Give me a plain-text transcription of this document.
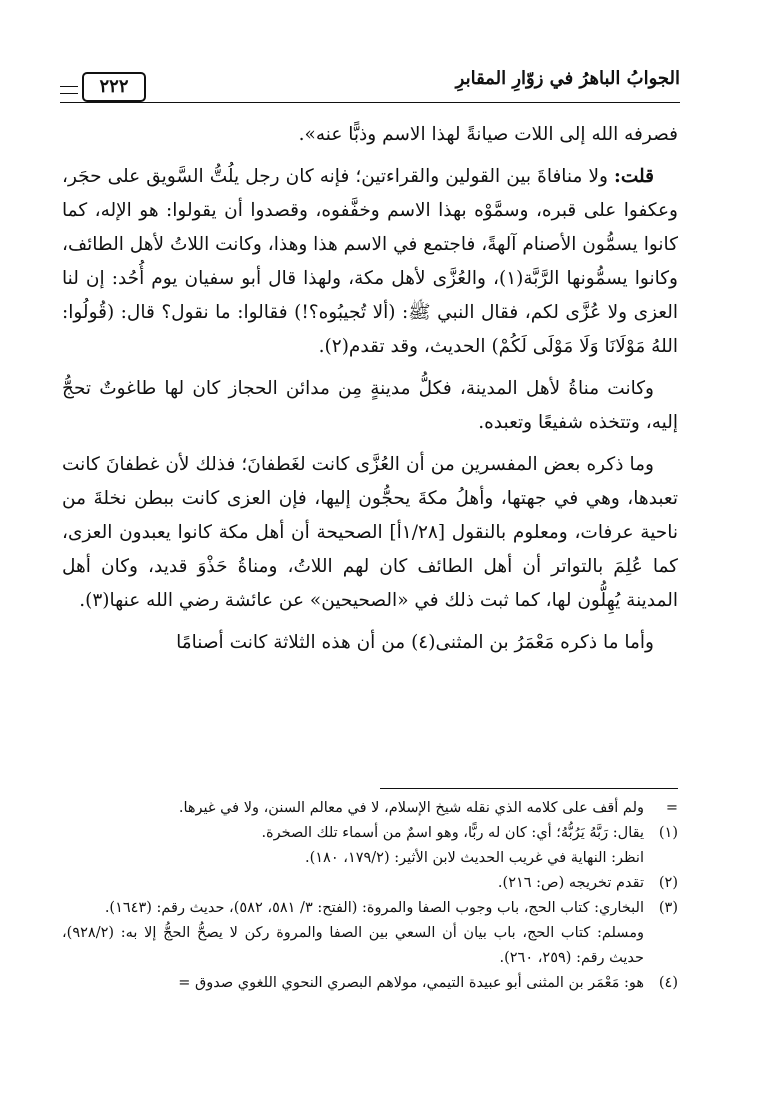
الجوابُ الباهرُ في زوّارِ المقابرِ
٢٢٢

فصرفه الله إلى اللات صيانةً لهذا الاسم وذبًّا عنه».

قلت: ولا منافاةَ بين القولين والقراءتين؛ فإنه كان رجل يلُتُّ السَّويق على حجَر، وعكفوا على قبره، وسمَّوْه بهذا الاسم وخفَّفوه، وقصدوا أن يقولوا: هو الإله، كما كانوا يسمُّون الأصنام آلهةً، فاجتمع في الاسم هذا وهذا، وكانت اللاتُ لأهل الطائف، وكانوا يسمُّونها الرَّبَّة(١)، والعُزَّى لأهل مكة، ولهذا قال أبو سفيان يوم أُحُد: إن لنا العزى ولا عُزَّى لكم، فقال النبي ﷺ: (ألا تُجيبُوه؟!) فقالوا: ما نقول؟ قال: (قُولُوا: اللهُ مَوْلَانَا وَلَا مَوْلَى لَكُمْ) الحديث، وقد تقدم(٢).

وكانت مناةُ لأهل المدينة، فكلُّ مدينةٍ مِن مدائن الحجاز كان لها طاغوتٌ تحجُّ إليه، وتتخذه شفيعًا وتعبده.

وما ذكره بعض المفسرين من أن العُزَّى كانت لغَطفانَ؛ فذلك لأن غطفانَ كانت تعبدها، وهي في جهتها، وأهلُ مكةَ يحجُّون إليها، فإن العزى كانت ببطن نخلةَ من ناحية عرفات، ومعلوم بالنقول [١/٢٨أ] الصحيحة أن أهل مكة كانوا يعبدون العزى، كما عُلِمَ بالتواتر أن أهل الطائف كان لهم اللاتُ، ومناةُ حَذْوَ قديد، وكان أهل المدينة يُهِلُّون لها، كما ثبت ذلك في «الصحيحين» عن عائشة رضي الله عنها(٣).

وأما ما ذكره مَعْمَرُ بن المثنى(٤) من أن هذه الثلاثة كانت أصنامًا

=
ولم أقف على كلامه الذي نقله شيخ الإسلام، لا في معالم السنن، ولا في غيرها.
(١)
يقال: رَبَّهُ يَرُبُّهُ؛ أي: كان له ربًّا، وهو اسمٌ من أسماء تلك الصخرة.
انظر: النهاية في غريب الحديث لابن الأثير: (١٧٩/٢، ١٨٠).
(٢)
تقدم تخريجه (ص: ٢١٦).
(٣)
البخاري: كتاب الحج، باب وجوب الصفا والمروة: (الفتح: ٣/ ٥٨١، ٥٨٢)، حديث رقم: (١٦٤٣).
ومسلم: كتاب الحج، باب بيان أن السعي بين الصفا والمروة ركن لا يصحُّ الحجُّ إلا به: (٩٢٨/٢)، حديث رقم: (٢٥٩، ٢٦٠).
(٤)
هو: مَعْمَر بن المثنى أبو عبيدة التيمي، مولاهم البصري النحوي اللغوي صدوق =
